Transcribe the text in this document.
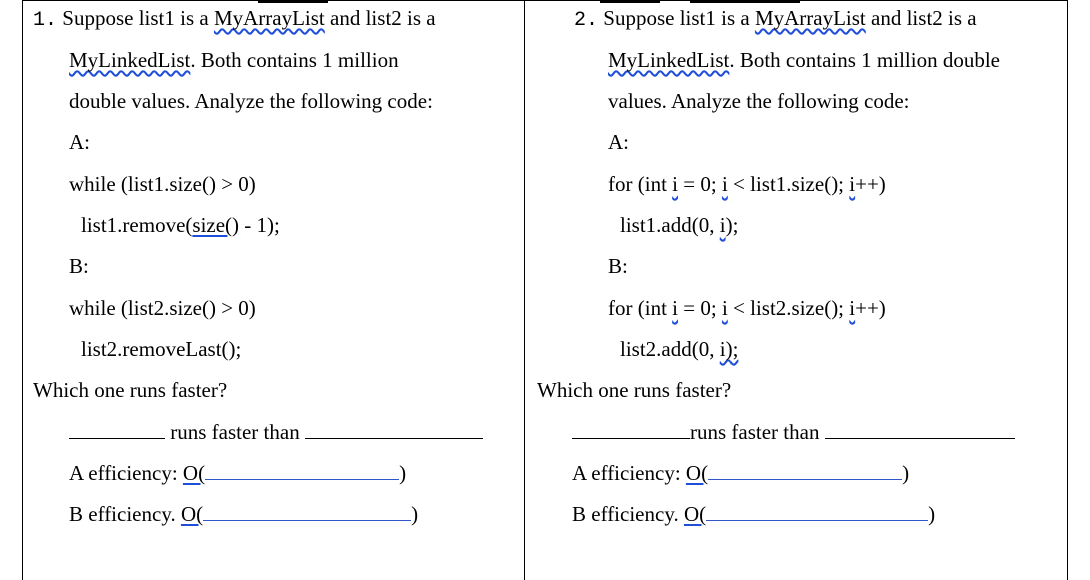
1. Suppose list1 is a MyArrayList and list2 is a
MyLinkedList. Both contains 1 million
double values. Analyze the following code:
A:
while (list1.size() > 0)
list1.remove(size() - 1);
B:
while (list2.size() > 0)
list2.removeLast();
Which one runs faster?
runs faster than
A efficiency: O(	)
B efficiency. O(	)
2. Suppose list1 is a MyArrayList and list2 is a
MyLinkedList. Both contains 1 million double
values. Analyze the following code:
A:
for (int i = 0; i < list1.size(); i++)
list1.add(0, i);
B:
for (int i = 0; i < list2.size(); i++)
list2.add(0, i);
Which one runs faster?
runs faster than
A efficiency: O(	)
B efficiency. O(	)
